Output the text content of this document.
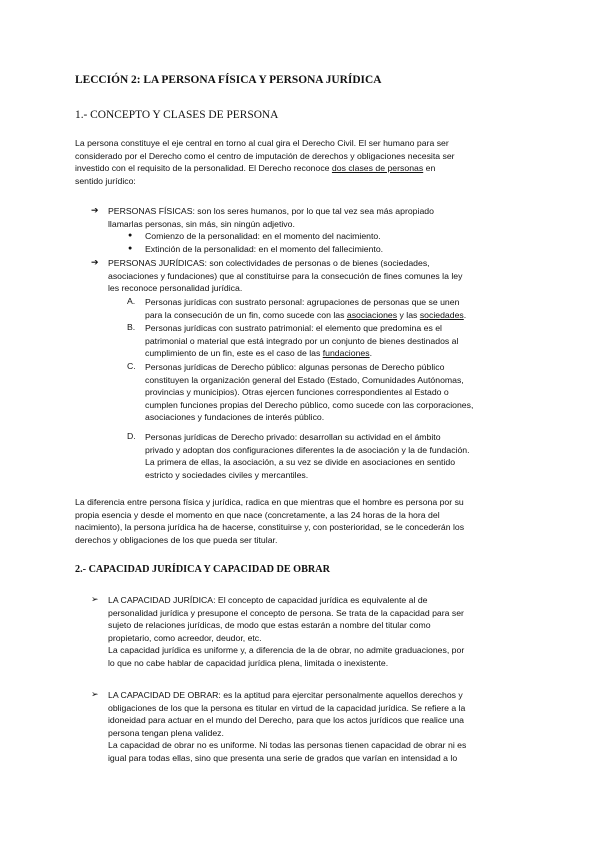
LECCIÓN 2: LA PERSONA FÍSICA Y PERSONA JURÍDICA
1.- CONCEPTO Y CLASES DE PERSONA
La persona constituye el eje central en torno al cual gira el Derecho Civil. El ser humano para ser
considerado por el Derecho como el centro de imputación de derechos y obligaciones necesita ser
investido con el requisito de la personalidad. El Derecho reconoce dos clases de personas en
sentido jurídico:
➔ PERSONAS FÍSICAS: son los seres humanos, por lo que tal vez sea más apropiado
llamarlas personas, sin más, sin ningún adjetivo.
● Comienzo de la personalidad: en el momento del nacimiento.
● Extinción de la personalidad: en el momento del fallecimiento.
➔ PERSONAS JURÍDICAS: son colectividades de personas o de bienes (sociedades,
asociaciones y fundaciones) que al constituirse para la consecución de fines comunes la ley
les reconoce personalidad jurídica.
A. Personas jurídicas con sustrato personal: agrupaciones de personas que se unen
para la consecución de un fin, como sucede con las asociaciones y las sociedades.
B. Personas jurídicas con sustrato patrimonial: el elemento que predomina es el
patrimonial o material que está integrado por un conjunto de bienes destinados al
cumplimiento de un fin, este es el caso de las fundaciones.
C. Personas jurídicas de Derecho público: algunas personas de Derecho público
constituyen la organización general del Estado (Estado, Comunidades Autónomas,
provincias y municipios). Otras ejercen funciones correspondientes al Estado o
cumplen funciones propias del Derecho público, como sucede con las corporaciones,
asociaciones y fundaciones de interés público.
D. Personas jurídicas de Derecho privado: desarrollan su actividad en el ámbito
privado y adoptan dos configuraciones diferentes la de asociación y la de fundación.
La primera de ellas, la asociación, a su vez se divide en asociaciones en sentido
estricto y sociedades civiles y mercantiles.
La diferencia entre persona física y jurídica, radica en que mientras que el hombre es persona por su
propia esencia y desde el momento en que nace (concretamente, a las 24 horas de la hora del
nacimiento), la persona jurídica ha de hacerse, constituirse y, con posterioridad, se le concederán los
derechos y obligaciones de los que pueda ser titular.
2.- CAPACIDAD JURÍDICA Y CAPACIDAD DE OBRAR
➢ LA CAPACIDAD JURÍDICA: El concepto de capacidad jurídica es equivalente al de
personalidad jurídica y presupone el concepto de persona. Se trata de la capacidad para ser
sujeto de relaciones jurídicas, de modo que estas estarán a nombre del titular como
propietario, como acreedor, deudor, etc.
La capacidad jurídica es uniforme y, a diferencia de la de obrar, no admite graduaciones, por
lo que no cabe hablar de capacidad jurídica plena, limitada o inexistente.
➢ LA CAPACIDAD DE OBRAR: es la aptitud para ejercitar personalmente aquellos derechos y
obligaciones de los que la persona es titular en virtud de la capacidad jurídica. Se refiere a la
idoneidad para actuar en el mundo del Derecho, para que los actos jurídicos que realice una
persona tengan plena validez.
La capacidad de obrar no es uniforme. Ni todas las personas tienen capacidad de obrar ni es
igual para todas ellas, sino que presenta una serie de grados que varían en intensidad a lo
